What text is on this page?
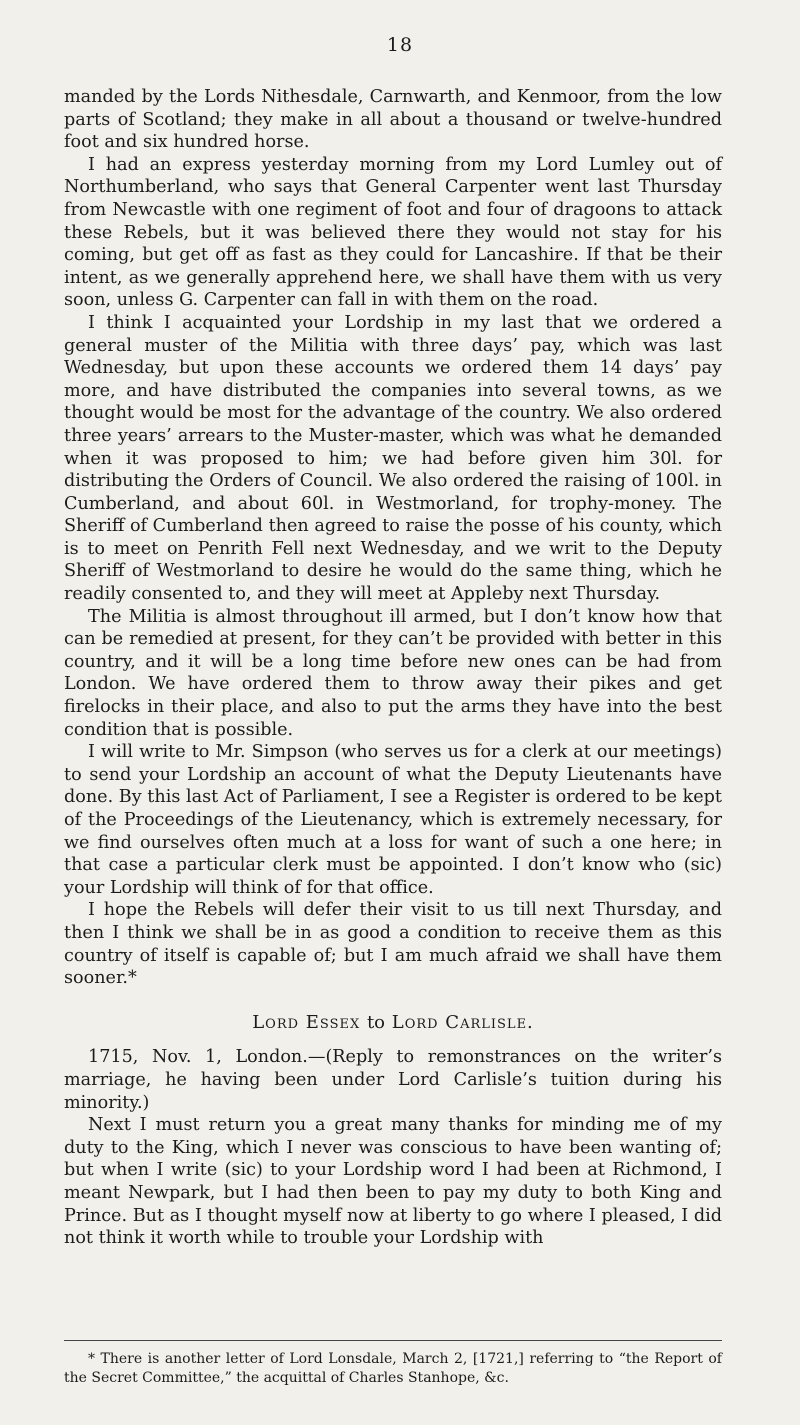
18

manded by the Lords Nithesdale, Carnwarth, and Kenmoor, from the low parts of Scotland; they make in all about a thousand or twelve-hundred foot and six hundred horse.

I had an express yesterday morning from my Lord Lumley out of Northumberland, who says that General Carpenter went last Thursday from Newcastle with one regiment of foot and four of dragoons to attack these Rebels, but it was believed there they would not stay for his coming, but get off as fast as they could for Lancashire. If that be their intent, as we generally apprehend here, we shall have them with us very soon, unless G. Carpenter can fall in with them on the road.

I think I acquainted your Lordship in my last that we ordered a general muster of the Militia with three days’ pay, which was last Wednesday, but upon these accounts we ordered them 14 days’ pay more, and have distributed the companies into several towns, as we thought would be most for the advantage of the country. We also ordered three years’ arrears to the Muster-master, which was what he demanded when it was proposed to him; we had before given him 30l. for distributing the Orders of Council. We also ordered the raising of 100l. in Cumberland, and about 60l. in Westmorland, for trophy-money. The Sheriff of Cumberland then agreed to raise the posse of his county, which is to meet on Penrith Fell next Wednesday, and we writ to the Deputy Sheriff of Westmorland to desire he would do the same thing, which he readily consented to, and they will meet at Appleby next Thursday.

The Militia is almost throughout ill armed, but I don’t know how that can be remedied at present, for they can’t be provided with better in this country, and it will be a long time before new ones can be had from London. We have ordered them to throw away their pikes and get firelocks in their place, and also to put the arms they have into the best condition that is possible.

I will write to Mr. Simpson (who serves us for a clerk at our meetings) to send your Lordship an account of what the Deputy Lieutenants have done. By this last Act of Parliament, I see a Register is ordered to be kept of the Proceedings of the Lieutenancy, which is extremely necessary, for we find ourselves often much at a loss for want of such a one here; in that case a particular clerk must be appointed. I don’t know who (sic) your Lordship will think of for that office.

I hope the Rebels will defer their visit to us till next Thursday, and then I think we shall be in as good a condition to receive them as this country of itself is capable of; but I am much afraid we shall have them sooner.*

Lord Essex to Lord Carlisle.

1715, Nov. 1, London.—(Reply to remonstrances on the writer’s marriage, he having been under Lord Carlisle’s tuition during his minority.)

Next I must return you a great many thanks for minding me of my duty to the King, which I never was conscious to have been wanting of; but when I write (sic) to your Lordship word I had been at Richmond, I meant Newpark, but I had then been to pay my duty to both King and Prince. But as I thought myself now at liberty to go where I pleased, I did not think it worth while to trouble your Lordship with

* There is another letter of Lord Lonsdale, March 2, [1721,] referring to “the Report of the Secret Committee,” the acquittal of Charles Stanhope, &c.
